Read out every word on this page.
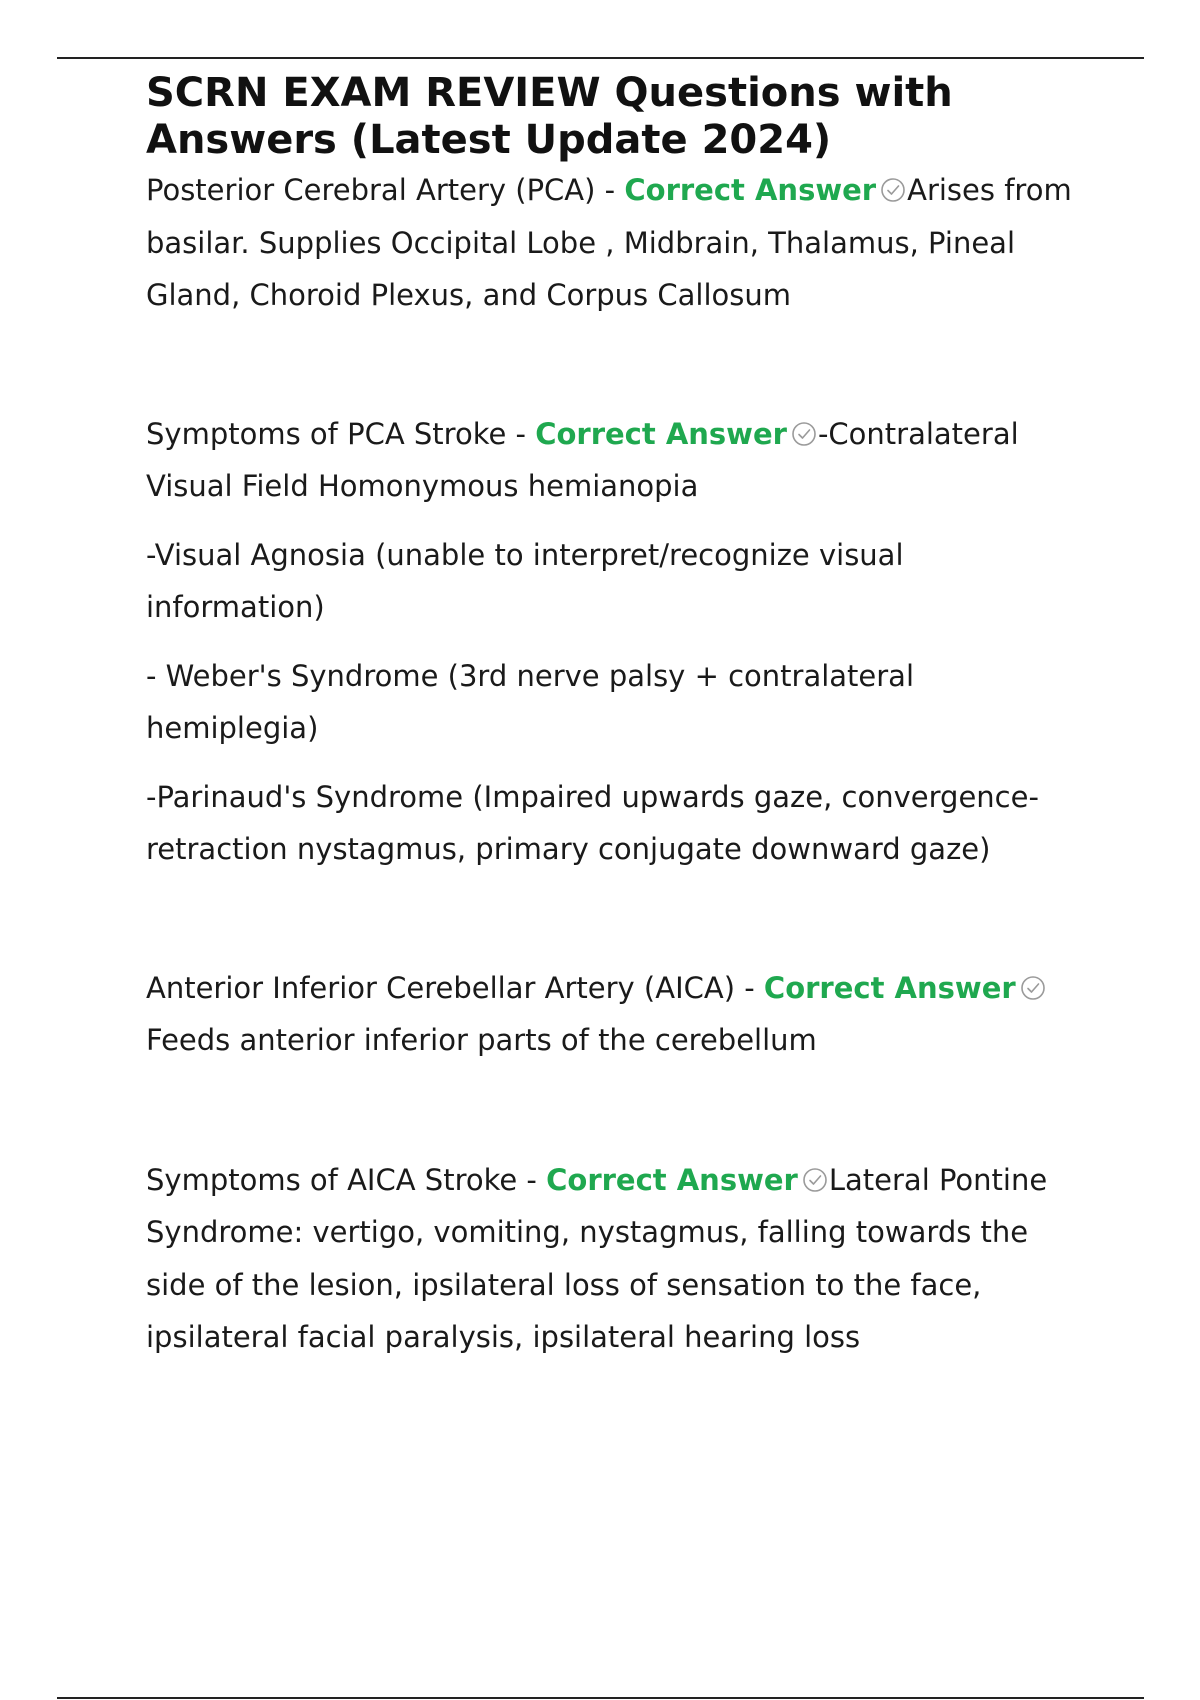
SCRN EXAM REVIEW Questions with Answers (Latest Update 2024)

Posterior Cerebral Artery (PCA) - Correct Answer Arises from basilar. Supplies Occipital Lobe , Midbrain, Thalamus, Pineal Gland, Choroid Plexus, and Corpus Callosum

Symptoms of PCA Stroke - Correct Answer -Contralateral Visual Field Homonymous hemianopia

-Visual Agnosia (unable to interpret/recognize visual information)

- Weber's Syndrome (3rd nerve palsy + contralateral hemiplegia)

-Parinaud's Syndrome (Impaired upwards gaze, convergence-retraction nystagmus, primary conjugate downward gaze)

Anterior Inferior Cerebellar Artery (AICA) - Correct Answer
Feeds anterior inferior parts of the cerebellum

Symptoms of AICA Stroke - Correct Answer Lateral Pontine Syndrome: vertigo, vomiting, nystagmus, falling towards the side of the lesion, ipsilateral loss of sensation to the face, ipsilateral facial paralysis, ipsilateral hearing loss
